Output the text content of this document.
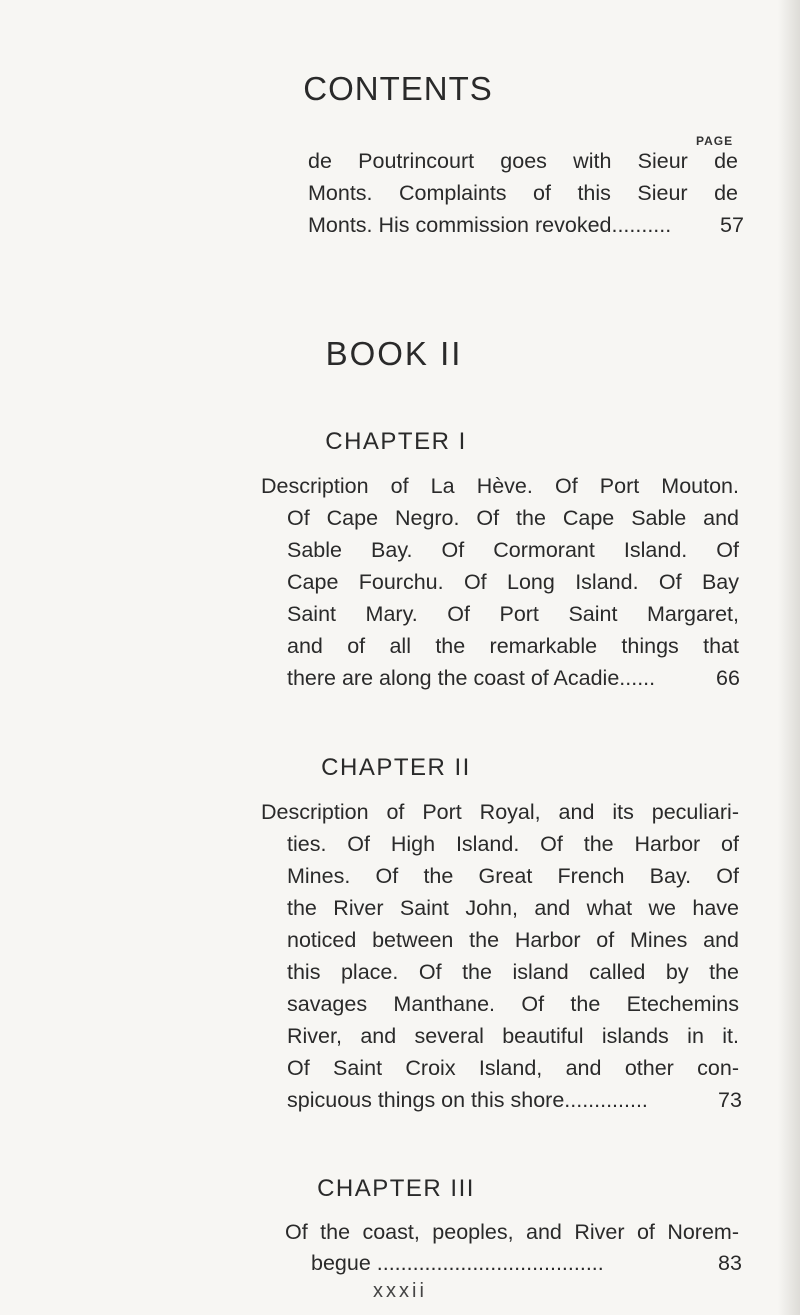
CONTENTS
PAGE
de Poutrincourt goes with Sieur de
Monts. Complaints of this Sieur de
Monts. His commission revoked..........	57
BOOK II
CHAPTER I
Description of La Hève. Of Port Mouton.
Of Cape Negro. Of the Cape Sable and
Sable Bay. Of Cormorant Island. Of
Cape Fourchu. Of Long Island. Of Bay
Saint Mary. Of Port Saint Margaret,
and of all the remarkable things that
there are along the coast of Acadie......	66
CHAPTER II
Description of Port Royal, and its peculiari-
ties. Of High Island. Of the Harbor of
Mines. Of the Great French Bay. Of
the River Saint John, and what we have
noticed between the Harbor of Mines and
this place. Of the island called by the
savages Manthane. Of the Etechemins
River, and several beautiful islands in it.
Of Saint Croix Island, and other con-
spicuous things on this shore..............	73
CHAPTER III
Of the coast, peoples, and River of Norem-
begue ......................................	83
xxxii
